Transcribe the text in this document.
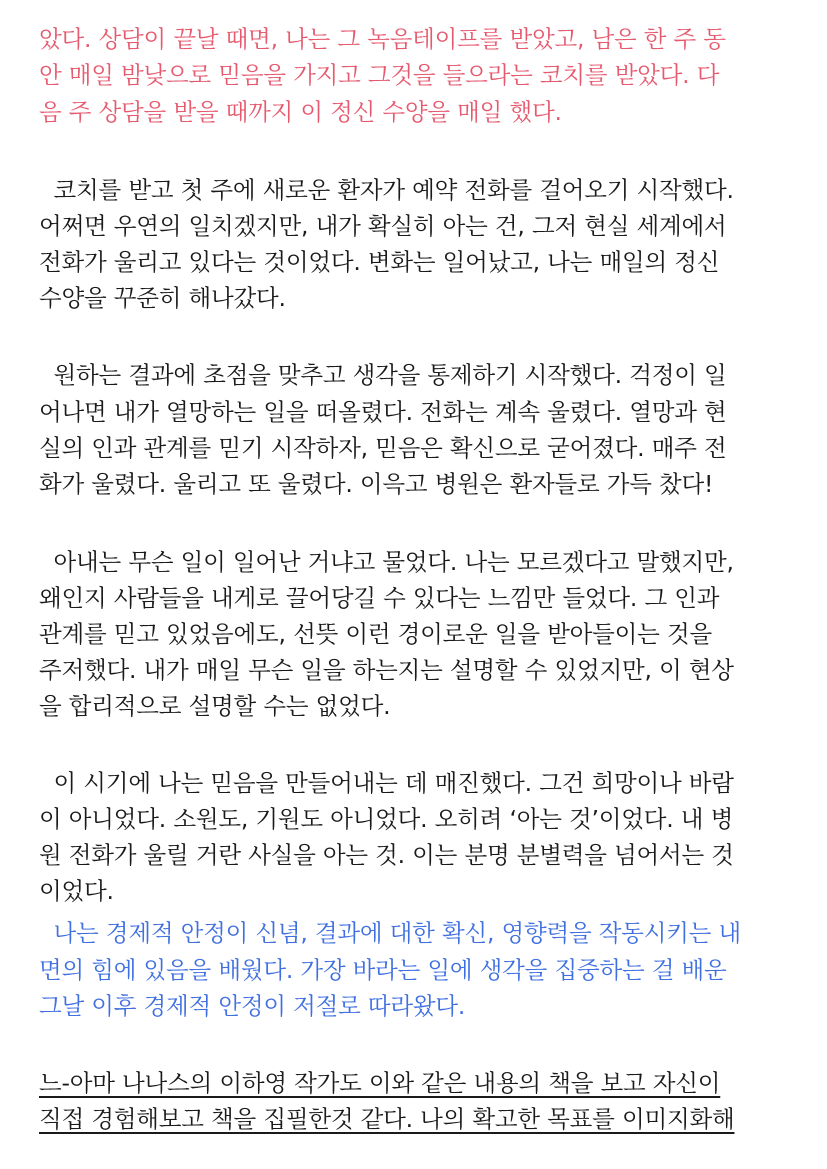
았다. 상담이 끝날 때면, 나는 그 녹음테이프를 받았고, 남은 한 주 동
안 매일 밤낮으로 믿음을 가지고 그것을 들으라는 코치를 받았다. 다
음 주 상담을 받을 때까지 이 정신 수양을 매일 했다.
코치를 받고 첫 주에 새로운 환자가 예약 전화를 걸어오기 시작했다.
어쩌면 우연의 일치겠지만, 내가 확실히 아는 건, 그저 현실 세계에서
전화가 울리고 있다는 것이었다. 변화는 일어났고, 나는 매일의 정신
수양을 꾸준히 해나갔다.
원하는 결과에 초점을 맞추고 생각을 통제하기 시작했다. 걱정이 일
어나면 내가 열망하는 일을 떠올렸다. 전화는 계속 울렸다. 열망과 현
실의 인과 관계를 믿기 시작하자, 믿음은 확신으로 굳어졌다. 매주 전
화가 울렸다. 울리고 또 울렸다. 이윽고 병원은 환자들로 가득 찼다!
아내는 무슨 일이 일어난 거냐고 물었다. 나는 모르겠다고 말했지만,
왜인지 사람들을 내게로 끌어당길 수 있다는 느낌만 들었다. 그 인과
관계를 믿고 있었음에도, 선뜻 이런 경이로운 일을 받아들이는 것을
주저했다. 내가 매일 무슨 일을 하는지는 설명할 수 있었지만, 이 현상
을 합리적으로 설명할 수는 없었다.
이 시기에 나는 믿음을 만들어내는 데 매진했다. 그건 희망이나 바람
이 아니었다. 소원도, 기원도 아니었다. 오히려 ‘아는 것’이었다. 내 병
원 전화가 울릴 거란 사실을 아는 것. 이는 분명 분별력을 넘어서는 것
이었다.
나는 경제적 안정이 신념, 결과에 대한 확신, 영향력을 작동시키는 내
면의 힘에 있음을 배웠다. 가장 바라는 일에 생각을 집중하는 걸 배운
그날 이후 경제적 안정이 저절로 따라왔다.
느-아마 나나스의 이하영 작가도 이와 같은 내용의 책을 보고 자신이
직접 경험해보고 책을 집필한것 같다. 나의 확고한 목표를 이미지화해
